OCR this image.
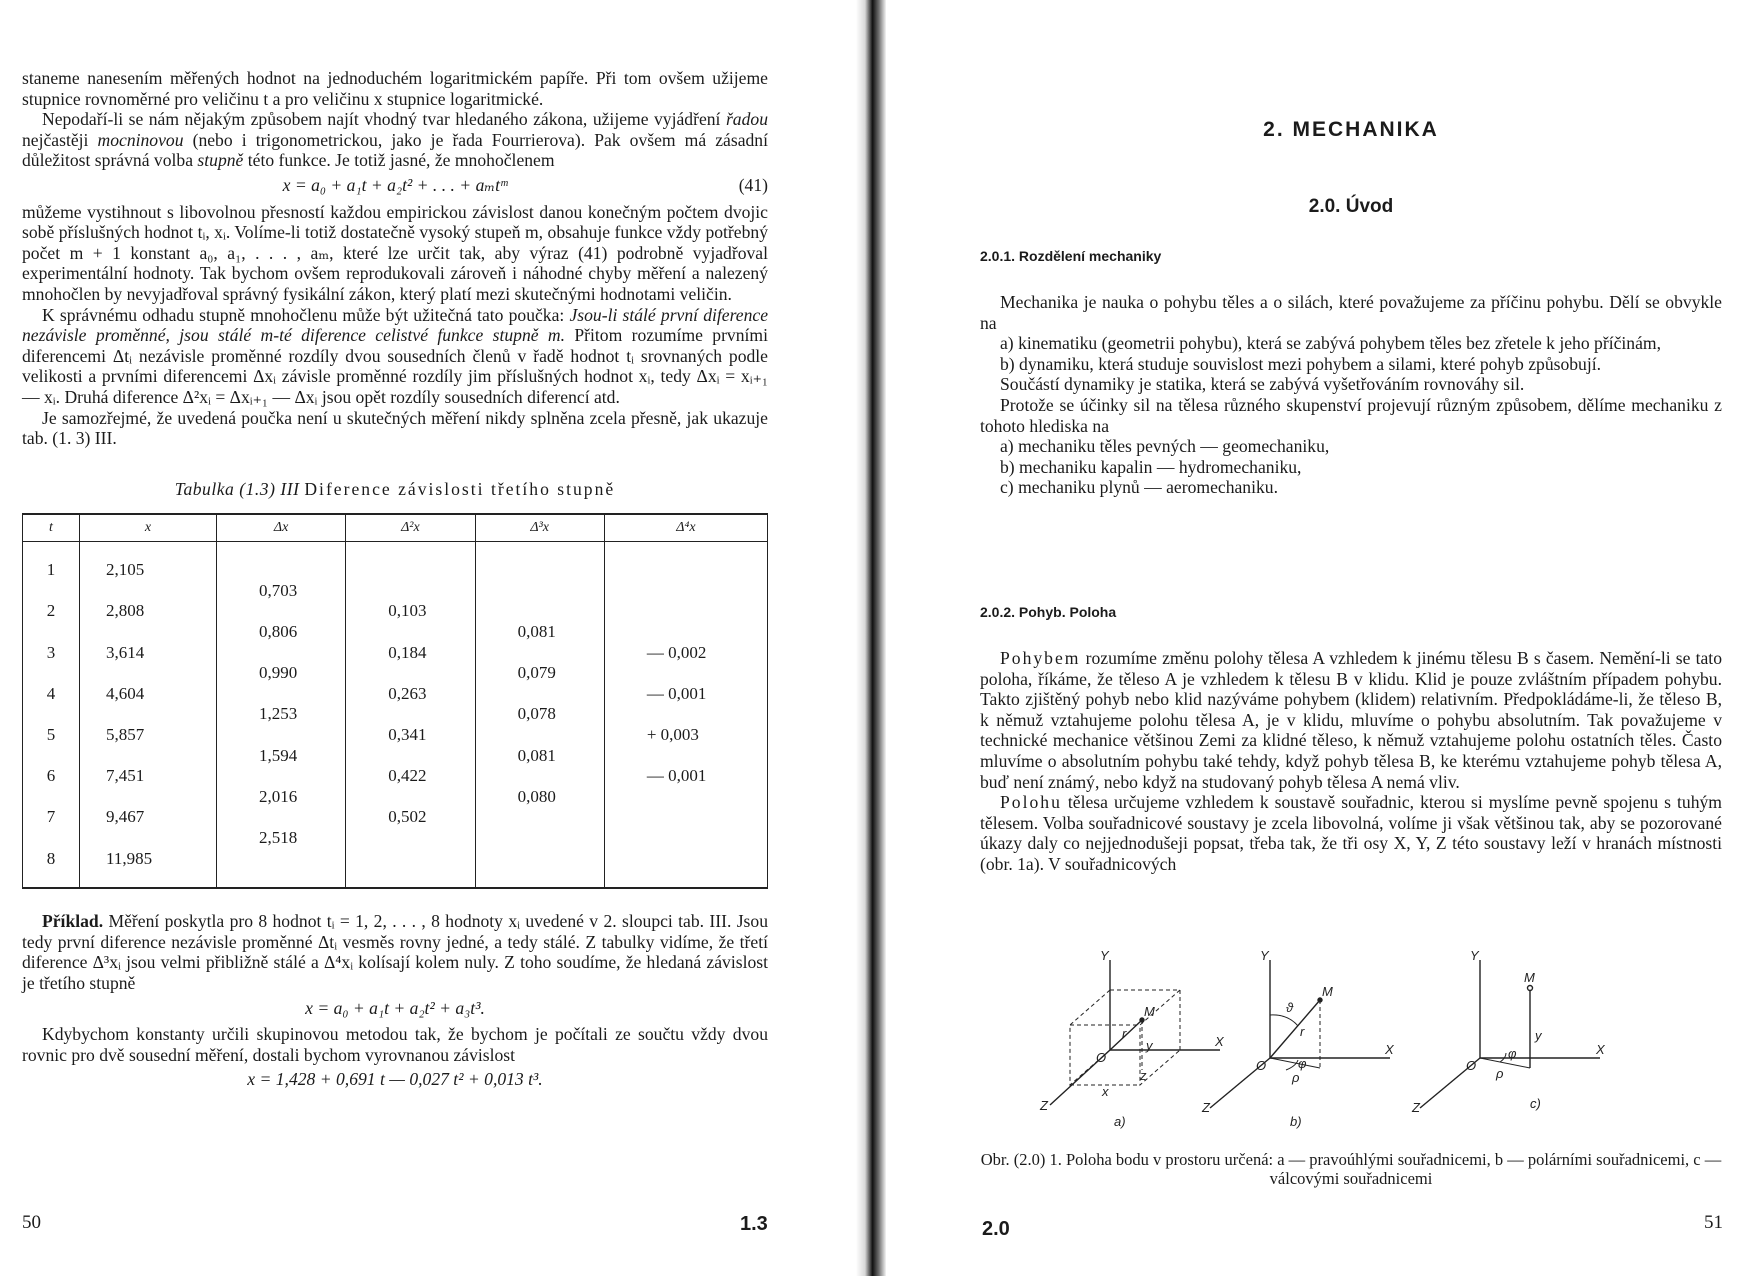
staneme nanesením měřených hodnot na jednoduchém logaritmickém papíře. Při tom ovšem užijeme stupnice rovnoměrné pro veličinu t a pro veličinu x stupnice logaritmické.

Nepodaří-li se nám nějakým způsobem najít vhodný tvar hledaného zákona, užijeme vyjádření řadou nejčastěji mocninovou (nebo i trigonometrickou, jako je řada Fourrierova). Pak ovšem má zásadní důležitost správná volba stupně této funkce. Je totiž jasné, že mnohočlenem

x = a₀ + a₁t + a₂t² + . . . + aₘtᵐ	(41)

můžeme vystihnout s libovolnou přesností každou empirickou závislost danou konečným počtem dvojic sobě příslušných hodnot tᵢ, xᵢ. Volíme-li totiž dostatečně vysoký stupeň m, obsahuje funkce vždy potřebný počet m + 1 konstant a₀, a₁, . . . , aₘ, které lze určit tak, aby výraz (41) podrobně vyjadřoval experimentální hodnoty. Tak bychom ovšem reprodukovali zároveň i náhodné chyby měření a nalezený mnohočlen by nevyjadřoval správný fysikální zákon, který platí mezi skutečnými hodnotami veličin.

K správnému odhadu stupně mnohočlenu může být užitečná tato poučka: Jsou-li stálé první diference nezávisle proměnné, jsou stálé m-té diference celistvé funkce stupně m. Přitom rozumíme prvními diferencemi Δtᵢ nezávisle proměnné rozdíly dvou sousedních členů v řadě hodnot tᵢ srovnaných podle velikosti a prvními diferencemi Δxᵢ závisle proměnné rozdíly jim příslušných hodnot xᵢ, tedy Δxᵢ = xᵢ₊₁ — xᵢ. Druhá diference Δ²xᵢ = Δxᵢ₊₁ — Δxᵢ jsou opět rozdíly sousedních diferencí atd.

Je samozřejmé, že uvedená poučka není u skutečných měření nikdy splněna zcela přesně, jak ukazuje tab. (1. 3) III.

Tabulka (1.3) III Diference závislosti třetího stupně
t	x	Δx	Δ²x	Δ³x	Δ⁴x

1	2,105				
		0,703			
2	2,808		0,103		
		0,806		0,081	
3	3,614		0,184		— 0,002
		0,990		0,079	
4	4,604		0,263		— 0,001
		1,253		0,078	
5	5,857		0,341		+ 0,003
		1,594		0,081	
6	7,451		0,422		— 0,001
		2,016		0,080	
7	9,467		0,502		
		2,518			
8	11,985				

Příklad. Měření poskytla pro 8 hodnot tᵢ = 1, 2, . . . , 8 hodnoty xᵢ uvedené v 2. sloupci tab. III. Jsou tedy první diference nezávisle proměnné Δtᵢ vesměs rovny jedné, a tedy stálé. Z tabulky vidíme, že třetí diference Δ³xᵢ jsou velmi přibližně stálé a Δ⁴xᵢ kolísají kolem nuly. Z toho soudíme, že hledaná závislost je třetího stupně

x = a₀ + a₁t + a₂t² + a₃t³.

Kdybychom konstanty určili skupinovou metodou tak, že bychom je počítali ze součtu vždy dvou rovnic pro dvě sousední měření, dostali bychom vyrovnanou závislost

x = 1,428 + 0,691 t — 0,027 t² + 0,013 t³.
50	1.3
2. MECHANIKA
2.0. Úvod
2.0.1. Rozdělení mechaniky

Mechanika je nauka o pohybu těles a o silách, které považujeme za příčinu pohybu. Dělí se obvykle na

a) kinematiku (geometrii pohybu), která se zabývá pohybem těles bez zřetele k jeho příčinám,

b) dynamiku, která studuje souvislost mezi pohybem a silami, které pohyb způsobují.

Součástí dynamiky je statika, která se zabývá vyšetřováním rovnováhy sil.

Protože se účinky sil na tělesa různého skupenství projevují různým způsobem, dělíme mechaniku z tohoto hlediska na

a) mechaniku těles pevných — geomechaniku,

b) mechaniku kapalin — hydromechaniku,

c) mechaniku plynů — aeromechaniku.

2.0.2. Pohyb. Poloha

Pohybem rozumíme změnu polohy tělesa A vzhledem k jinému tělesu B s časem. Nemění-li se tato poloha, říkáme, že těleso A je vzhledem k tělesu B v klidu. Klid je pouze zvláštním případem pohybu. Takto zjištěný pohyb nebo klid nazýváme pohybem (klidem) relativním. Předpokládáme-li, že těleso B, k němuž vztahujeme polohu tělesa A, je v klidu, mluvíme o pohybu absolutním. Tak považujeme v technické mechanice většinou Zemi za klidné těleso, k němuž vztahujeme polohu ostatních těles. Často mluvíme o absolutním pohybu také tehdy, když pohyb tělesa B, ke kterému vztahujeme pohyb tělesa A, buď není známý, nebo když na studovaný pohyb tělesa A nemá vliv.

Polohu tělesa určujeme vzhledem k soustavě souřadnic, kterou si myslíme pevně spojenu s tuhým tělesem. Volba souřadnicové soustavy je zcela libovolná, volíme ji však většinou tak, aby se pozorované úkazy daly co nejjednodušeji popsat, třeba tak, že tři osy X, Y, Z této soustavy leží v hranách místnosti (obr. 1a). V souřadnicových

Y
X
Z
O
M
r
y
z
x
a)
Y
X
Z
O
M
r
ϑ
φ
ρ
b)
Y
X
Z
O
M
y
φ
ρ
c)
Obr. (2.0) 1. Poloha bodu v prostoru určená: a — pravoúhlými souřadnicemi, b — polárními souřadnicemi, c — válcovými souřadnicemi
2.0	51
